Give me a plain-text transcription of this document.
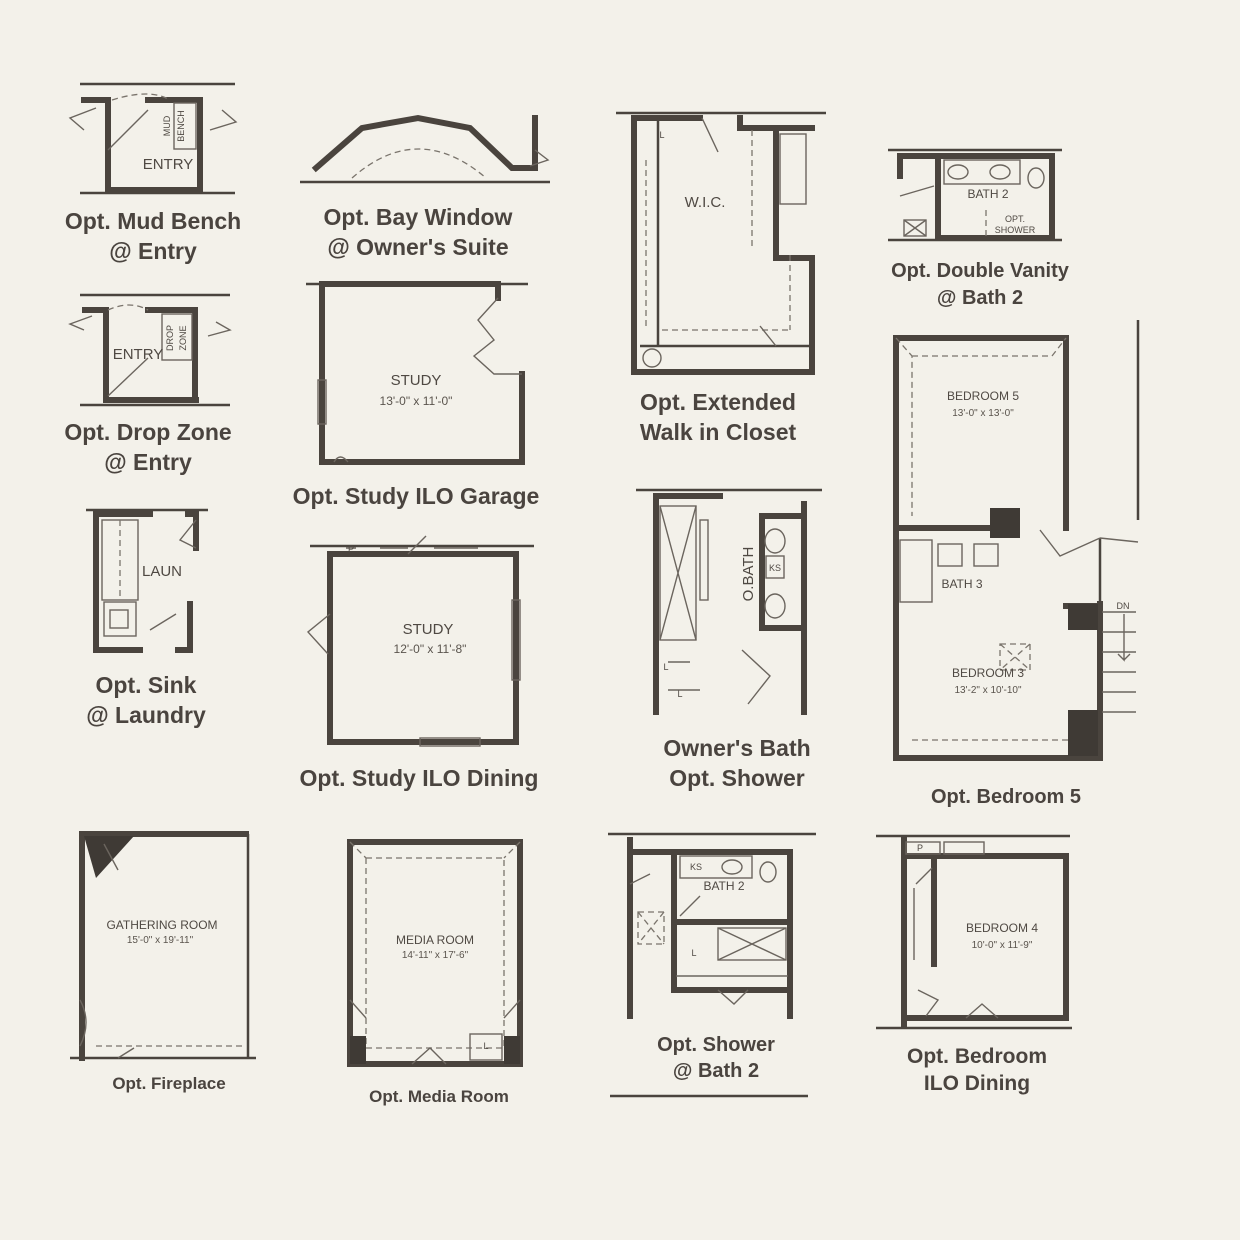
MUD BENCH
ENTRY
L
W.I.C.	BATH 2
OPT.
SHOWER
DROP ZONE
ENTRY
STUDY
13'-0" x 11'-0"
LAUN	O.BATH KS
L
L
BEDROOM 5
13'-0" x 13'-0"
BATH 3
BEDROOM 3
13'-2" x 10'-10"
DN
P
STUDY
12'-0" x 11'-8"
GATHERING ROOM
15'-0" x 19'-11"
L
MEDIA ROOM
14'-11" x 17'-6"
KS
BATH 2
L
P
BEDROOM 4
10'-0" x 11'-9"
Opt. Mud Bench
@ Entry
Opt. Bay Window
@ Owner's Suite
Opt. Extended
Walk in Closet
Opt. Double Vanity
@ Bath 2
Opt. Drop Zone
@ Entry
Opt. Study ILO Garage
Opt. Sink
@ Laundry
Owner's Bath
Opt. Shower
Opt. Bedroom 5
Opt. Study ILO Dining
Opt. Fireplace
Opt. Media Room
Opt. Shower
@ Bath 2
Opt. Bedroom
ILO Dining
